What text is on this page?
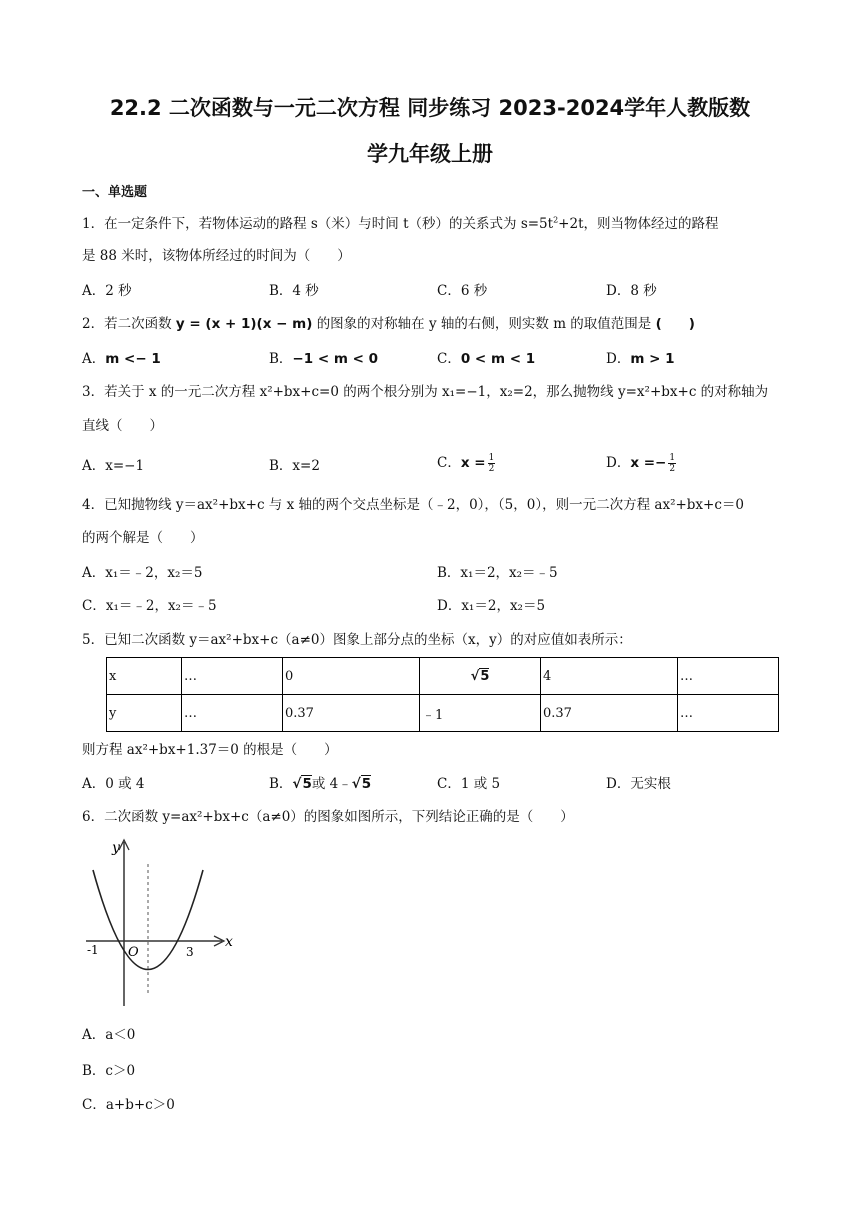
22.2 二次函数与一元二次方程 同步练习 2023-2024学年人教版数
学九年级上册
一、单选题
1．在一定条件下，若物体运动的路程 s（米）与时间 t（秒）的关系式为 $s=5t^2+2t$，则当物体经过的路程
是 88 米时，该物体所经过的时间为（　　）
A．2 秒	B．4 秒	C．6 秒	D．8 秒
2．若二次函数 y = (x + 1)(x − m) 的图象的对称轴在 y 轴的右侧，则实数 m 的取值范围是 (　　)
A．m <− 1	B．−1 < m < 0	C．0 < m < 1	D．m > 1
3．若关于 x 的一元二次方程 x²+bx+c=0 的两个根分别为 x₁=−1，x₂=2，那么抛物线 y=x²+bx+c 的对称轴为
直线（　　）
A．x=−1	B．x=2	C．$x = \frac{1}{2}$	D．$x =- \frac{1}{2}$
4．已知抛物线 y＝ax²+bx+c 与 x 轴的两个交点坐标是（﹣2，0），（5，0），则一元二次方程 ax²+bx+c＝0
的两个解是（　　）
A．x₁＝﹣2，x₂＝5	B．x₁＝2，x₂＝﹣5
C．x₁＝﹣2，x₂＝﹣5	D．x₁＝2，x₂＝5
5．已知二次函数 y＝ax²+bx+c（a≠0）图象上部分点的坐标（x，y）的对应值如表所示：
x	…	0	√5	4	…
y	…	0.37	﹣1	0.37	…
则方程 ax²+bx+1.37＝0 的根是（　　）
A．0 或 4	B．√5或 4﹣√5	C．1 或 5	D．无实根
6．二次函数 y=ax²+bx+c（a≠0）的图象如图所示，下列结论正确的是（　　）
y
x
O
-1	3
A．a＜0
B．c＞0
C．a+b+c＞0
